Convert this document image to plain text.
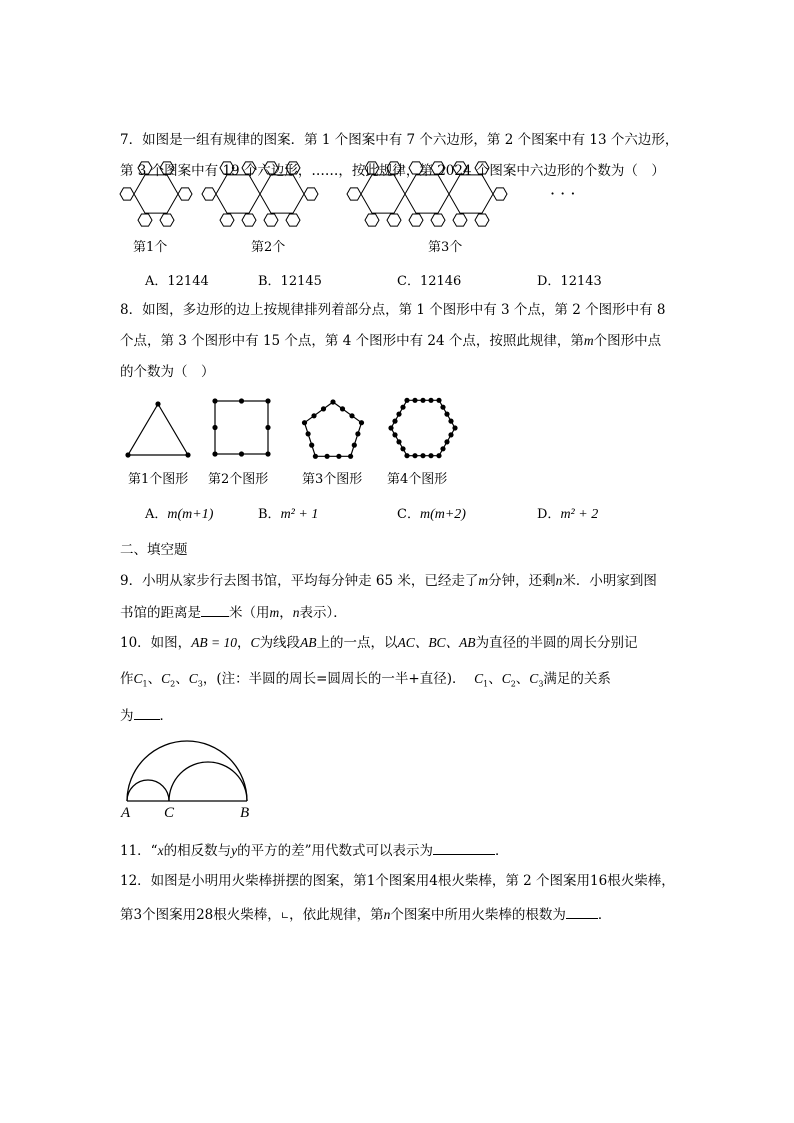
7．如图是一组有规律的图案．第 1 个图案中有 7 个六边形，第 2 个图案中有 13 个六边形，
第 3 个图案中有 19 个六边形，……，按此规律，第 2024 个图案中六边形的个数为（　）
· · ·
第1个	第2个	第3个
A．12144	B．12145	C．12146	D．12143
8．如图，多边形的边上按规律排列着部分点，第 1 个图形中有 3 个点，第 2 个图形中有 8
个点，第 3 个图形中有 15 个点，第 4 个图形中有 24 个点，按照此规律，第m个图形中点
的个数为（　）
第1个图形 第2个图形	第3个图形 第4个图形
A．m(m+1)	B．m² + 1	C．m(m+2)	D．m² + 2
二、填空题
9．小明从家步行去图书馆，平均每分钟走 65 米，已经走了m分钟，还剩n米．小明家到图
书馆的距离是 米（用m，n表示）．
10．如图，AB = 10，C为线段AB上的一点，以AC、BC、AB为直径的半圆的周长分别记
作$C_1$、$C_2$、$C_3$，(注：半圆的周长=圆周长的一半+直径)． $C_1$、$C_2$、$C_3$满足的关系
为 ．
A C	B
11．“x的相反数与y的平方的差”用代数式可以表示为	．
12．如图是小明用火柴棒拼摆的图案，第1个图案用4根火柴棒，第 2 个图案用16根火柴棒，
第3个图案用28根火柴棒，∟，依此规律，第n个图案中所用火柴棒的根数为 ．
